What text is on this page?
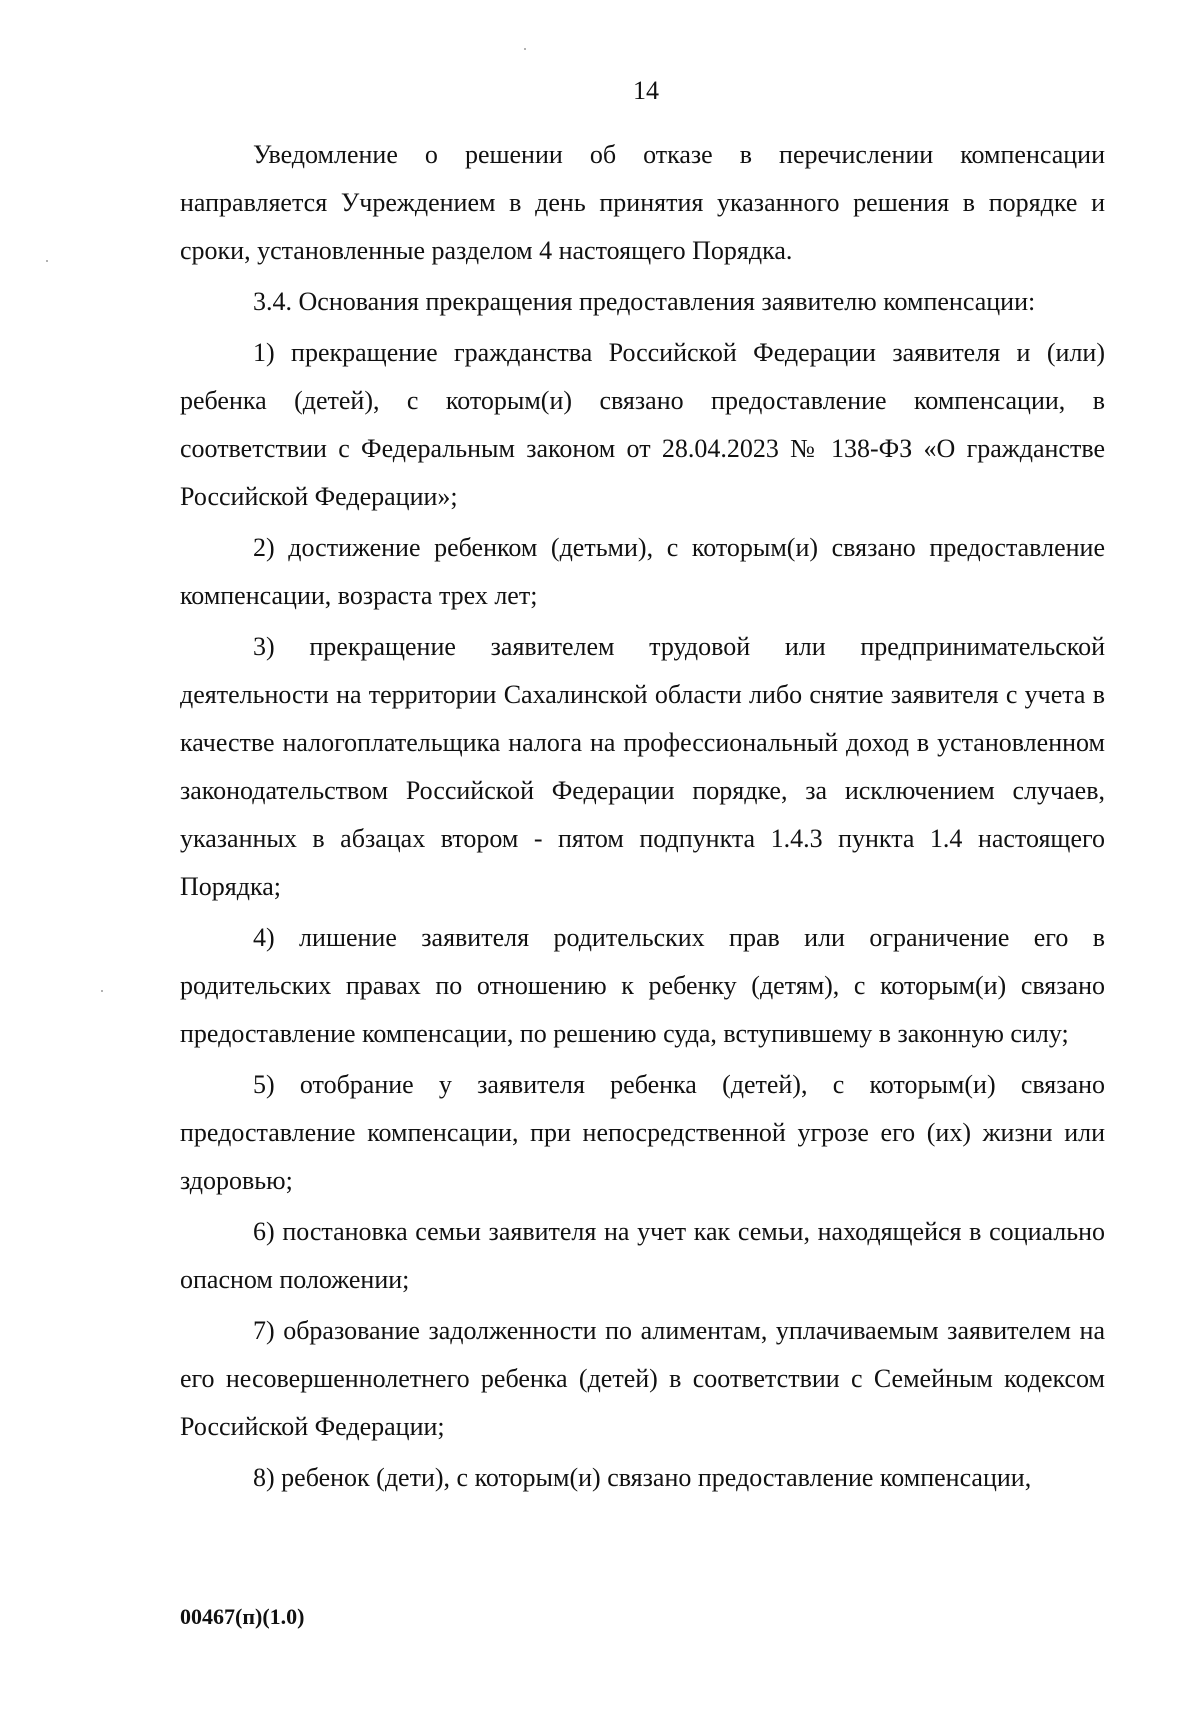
14

Уведомление о решении об отказе в перечислении компенсации направляется Учреждением в день принятия указанного решения в порядке и сроки, установленные разделом 4 настоящего Порядка.

3.4. Основания прекращения предоставления заявителю компенсации:

1) прекращение гражданства Российской Федерации заявителя и (или) ребенка (детей), с которым(и) связано предоставление компенсации, в соответствии с Федеральным законом от 28.04.2023 № 138-ФЗ «О гражданстве Российской Федерации»;

2) достижение ребенком (детьми), с которым(и) связано предоставление компенсации, возраста трех лет;

3) прекращение заявителем трудовой или предпринимательской деятельности на территории Сахалинской области либо снятие заявителя с учета в качестве налогоплательщика налога на профессиональный доход в установленном законодательством Российской Федерации порядке, за исключением случаев, указанных в абзацах втором - пятом подпункта 1.4.3 пункта 1.4 настоящего Порядка;

4) лишение заявителя родительских прав или ограничение его в родительских правах по отношению к ребенку (детям), с которым(и) связано предоставление компенсации, по решению суда, вступившему в законную силу;

5) отобрание у заявителя ребенка (детей), с которым(и) связано предоставление компенсации, при непосредственной угрозе его (их) жизни или здоровью;

6) постановка семьи заявителя на учет как семьи, находящейся в социально опасном положении;

7) образование задолженности по алиментам, уплачиваемым заявителем на его несовершеннолетнего ребенка (детей) в соответствии с Семейным кодексом Российской Федерации;

8) ребенок (дети), с которым(и) связано предоставление компенсации,

00467(п)(1.0)
